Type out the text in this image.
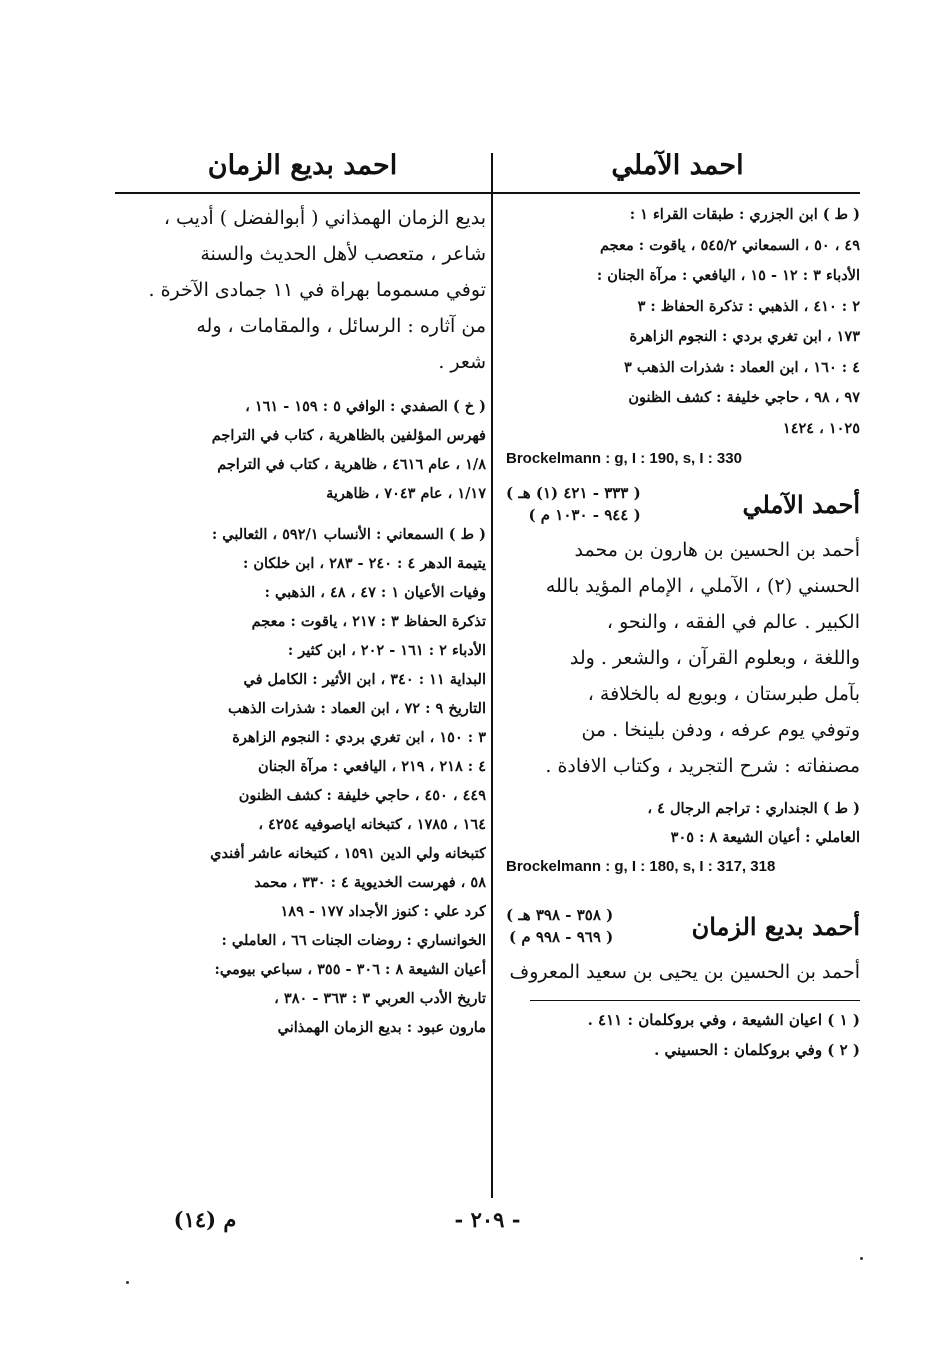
احمد بديع الزمان	احمد الآملي
بديع الزمان الهمذاني ( أبوالفضل ) أديب ،
شاعر ، متعصب لأهل الحديث والسنة
توفي مسموما بهراة في ١١ جمادى الآخرة .
من آثاره : الرسائل ، والمقامات ، وله
شعر .
( خ ) الصفدي : الوافي ٥ : ١٥٩ - ١٦١ ،
فهرس المؤلفين بالظاهرية ، كتاب في التراجم
١/٨ ، عام ٤٦١٦ ، ظاهرية ، كتاب في التراجم
١/١٧ ، عام ٧٠٤٣ ، ظاهرية
( ط ) السمعاني : الأنساب ٥٩٢/١ ، الثعالبي :
يتيمة الدهر ٤ : ٢٤٠ - ٢٨٣ ، ابن خلكان :
وفيات الأعيان ١ : ٤٧ ، ٤٨ ، الذهبي :
تذكرة الحفاظ ٣ : ٢١٧ ، ياقوت : معجم
الأدباء ٢ : ١٦١ - ٢٠٢ ، ابن كثير :
البداية ١١ : ٣٤٠ ، ابن الأثير : الكامل في
التاريخ ٩ : ٧٢ ، ابن العماد : شذرات الذهب
٣ : ١٥٠ ، ابن تغري بردي : النجوم الزاهرة
٤ : ٢١٨ ، ٢١٩ ، اليافعي : مرآة الجنان
٤٤٩ ، ٤٥٠ ، حاجي خليفة : كشف الظنون
١٦٤ ، ١٧٨٥ ، كتبخانه اياصوفيه ٤٢٥٤ ،
كتبخانه ولي الدين ١٥٩١ ، كتبخانه عاشر أفندي
٥٨ ، فهرست الخديوية ٤ : ٣٣٠ ، محمد
كرد علي : كنوز الأجداد ١٧٧ - ١٨٩
الخوانساري : روضات الجنات ٦٦ ، العاملي :
أعيان الشيعة ٨ : ٣٠٦ - ٣٥٥ ، سباعي بيومي:
تاريخ الأدب العربي ٣ : ٣٦٣ - ٣٨٠ ،
مارون عبود : بديع الزمان الهمذاني
( ط ) ابن الجزري : طبقات القراء ١ :
٤٩ ، ٥٠ ، السمعاني ٥٤٥/٢ ، ياقوت : معجم
الأدباء ٣ : ١٢ - ١٥ ، اليافعي : مرآة الجنان :
٢ : ٤١٠ ، الذهبي : تذكرة الحفاظ : ٣
١٧٣ ، ابن تغري بردي : النجوم الزاهرة
٤ : ١٦٠ ، ابن العماد : شذرات الذهب ٣
٩٧ ، ٩٨ ، حاجي خليفة : كشف الظنون
١٠٢٥ ، ١٤٢٤
Brockelmann : g, I : 190, s, I : 330
أحمد الآملي
( ٣٣٣ - ٤٢١ (١) هـ )
( ٩٤٤ - ١٠٣٠ م )
أحمد بن الحسين بن هارون بن محمد
الحسني (٢) ، الآملي ، الإمام المؤيد بالله
الكبير . عالم في الفقه ، والنحو ،
واللغة ، وبعلوم القرآن ، والشعر . ولد
بآمل طبرستان ، وبويع له بالخلافة ،
وتوفي يوم عرفه ، ودفن بلينخا . من
مصنفاته : شرح التجريد ، وكتاب الافادة .
( ط ) الجنداري : تراجم الرجال ٤ ،
العاملي : أعيان الشيعة ٨ : ٣٠٥
Brockelmann : g, I : 180, s, I : 317, 318
أحمد بديع الزمان
( ٣٥٨ - ٣٩٨ هـ )
( ٩٦٩ - ٩٩٨ م )
أحمد بن الحسين بن يحيى بن سعيد المعروف
( ١ ) اعيان الشيعة ، وفي بروكلمان : ٤١١ .
( ٢ ) وفي بروكلمان : الحسيني .
- ٢٠٩ -
م (١٤)
